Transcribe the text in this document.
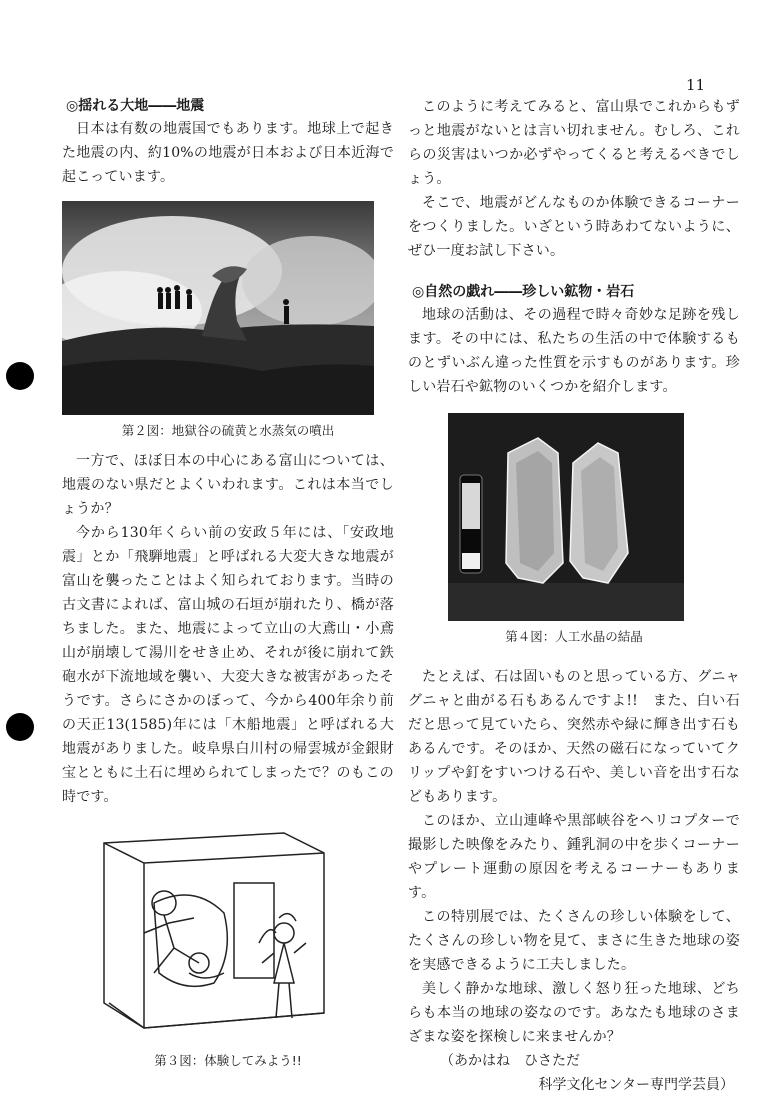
11

◎揺れる大地――地震

日本は有数の地震国でもあります。地球上で起きた地震の内、約10%の地震が日本および日本近海で起こっています。

第２図：地獄谷の硫黄と水蒸気の噴出

一方で、ほぼ日本の中心にある富山については、地震のない県だとよくいわれます。これは本当でしょうか？

今から130年くらい前の安政５年には、「安政地震」とか「飛騨地震」と呼ばれる大変大きな地震が富山を襲ったことはよく知られております。当時の古文書によれば、富山城の石垣が崩れたり、橋が落ちました。また、地震によって立山の大鳶山・小鳶山が崩壊して湯川をせき止め、それが後に崩れて鉄砲水が下流地域を襲い、大変大きな被害があったそうです。さらにさかのぼって、今から400年余り前の天正13(1585)年には「木船地震」と呼ばれる大地震がありました。岐阜県白川村の帰雲城が金銀財宝とともに土石に埋められてしまったで？のもこの時です。

第３図：体験してみよう!!

このように考えてみると、富山県でこれからもずっと地震がないとは言い切れません。むしろ、これらの災害はいつか必ずやってくると考えるべきでしょう。

そこで、地震がどんなものか体験できるコーナーをつくりました。いざという時あわてないように、ぜひ一度お試し下さい。

◎自然の戯れ――珍しい鉱物・岩石

地球の活動は、その過程で時々奇妙な足跡を残します。その中には、私たちの生活の中で体験するものとずいぶん違った性質を示すものがあります。珍しい岩石や鉱物のいくつかを紹介します。

第４図：人工水晶の結晶

たとえば、石は固いものと思っている方、グニャグニャと曲がる石もあるんですよ!!　また、白い石だと思って見ていたら、突然赤や緑に輝き出す石もあるんです。そのほか、天然の磁石になっていてクリップや釘をすいつける石や、美しい音を出す石などもあります。

このほか、立山連峰や黒部峡谷をヘリコプターで撮影した映像をみたり、鍾乳洞の中を歩くコーナーやプレート運動の原因を考えるコーナーもあります。

この特別展では、たくさんの珍しい体験をして、たくさんの珍しい物を見て、まさに生きた地球の姿を実感できるように工夫しました。

美しく静かな地球、激しく怒り狂った地球、どちらも本当の地球の姿なのです。あなたも地球のさまざまな姿を探検しに来ませんか？

（あかはね　ひさただ

科学文化センター専門学芸員）
